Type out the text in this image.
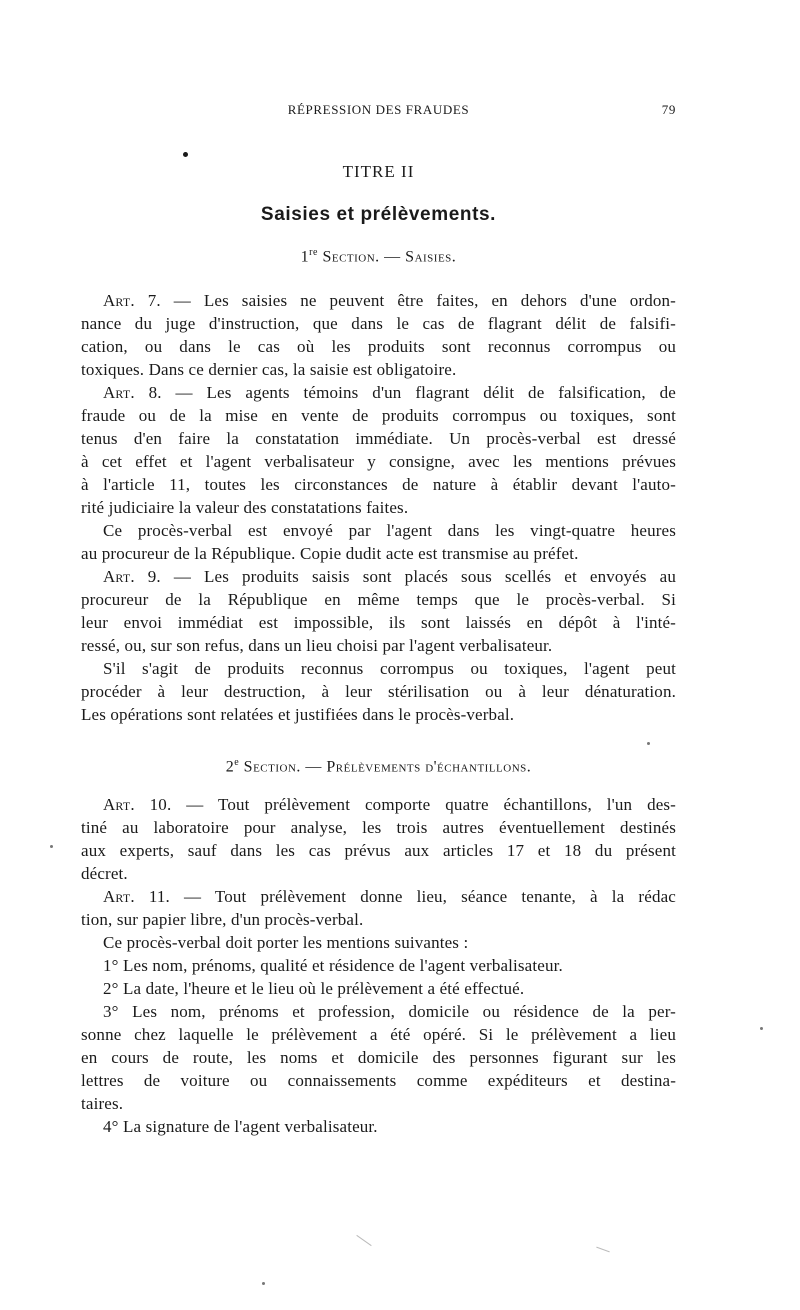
RÉPRESSION DES FRAUDES	79
TITRE II
Saisies et prélèvements.
1re Section. — Saisies.

Art. 7. — Les saisies ne peuvent être faites, en dehors d'une ordon-

nance du juge d'instruction, que dans le cas de flagrant délit de falsifi-

cation, ou dans le cas où les produits sont reconnus corrompus ou

toxiques. Dans ce dernier cas, la saisie est obligatoire.

Art. 8. — Les agents témoins d'un flagrant délit de falsification, de

fraude ou de la mise en vente de produits corrompus ou toxiques, sont

tenus d'en faire la constatation immédiate. Un procès-verbal est dressé

à cet effet et l'agent verbalisateur y consigne, avec les mentions prévues

à l'article 11, toutes les circonstances de nature à établir devant l'auto-

rité judiciaire la valeur des constatations faites.

Ce procès-verbal est envoyé par l'agent dans les vingt-quatre heures

au procureur de la République. Copie dudit acte est transmise au préfet.

Art. 9. — Les produits saisis sont placés sous scellés et envoyés au

procureur de la République en même temps que le procès-verbal. Si

leur envoi immédiat est impossible, ils sont laissés en dépôt à l'inté-

ressé, ou, sur son refus, dans un lieu choisi par l'agent verbalisateur.

S'il s'agit de produits reconnus corrompus ou toxiques, l'agent peut

procéder à leur destruction, à leur stérilisation ou à leur dénaturation.

Les opérations sont relatées et justifiées dans le procès-verbal.

2e Section. — Prélèvements d'échantillons.

Art. 10. — Tout prélèvement comporte quatre échantillons, l'un des-

tiné au laboratoire pour analyse, les trois autres éventuellement destinés

aux experts, sauf dans les cas prévus aux articles 17 et 18 du présent

décret.

Art. 11. — Tout prélèvement donne lieu, séance tenante, à la rédac

tion, sur papier libre, d'un procès-verbal.

Ce procès-verbal doit porter les mentions suivantes :

1° Les nom, prénoms, qualité et résidence de l'agent verbalisateur.

2° La date, l'heure et le lieu où le prélèvement a été effectué.

3° Les nom, prénoms et profession, domicile ou résidence de la per-

sonne chez laquelle le prélèvement a été opéré. Si le prélèvement a lieu

en cours de route, les noms et domicile des personnes figurant sur les

lettres de voiture ou connaissements comme expéditeurs et destina-

taires.

4° La signature de l'agent verbalisateur.
